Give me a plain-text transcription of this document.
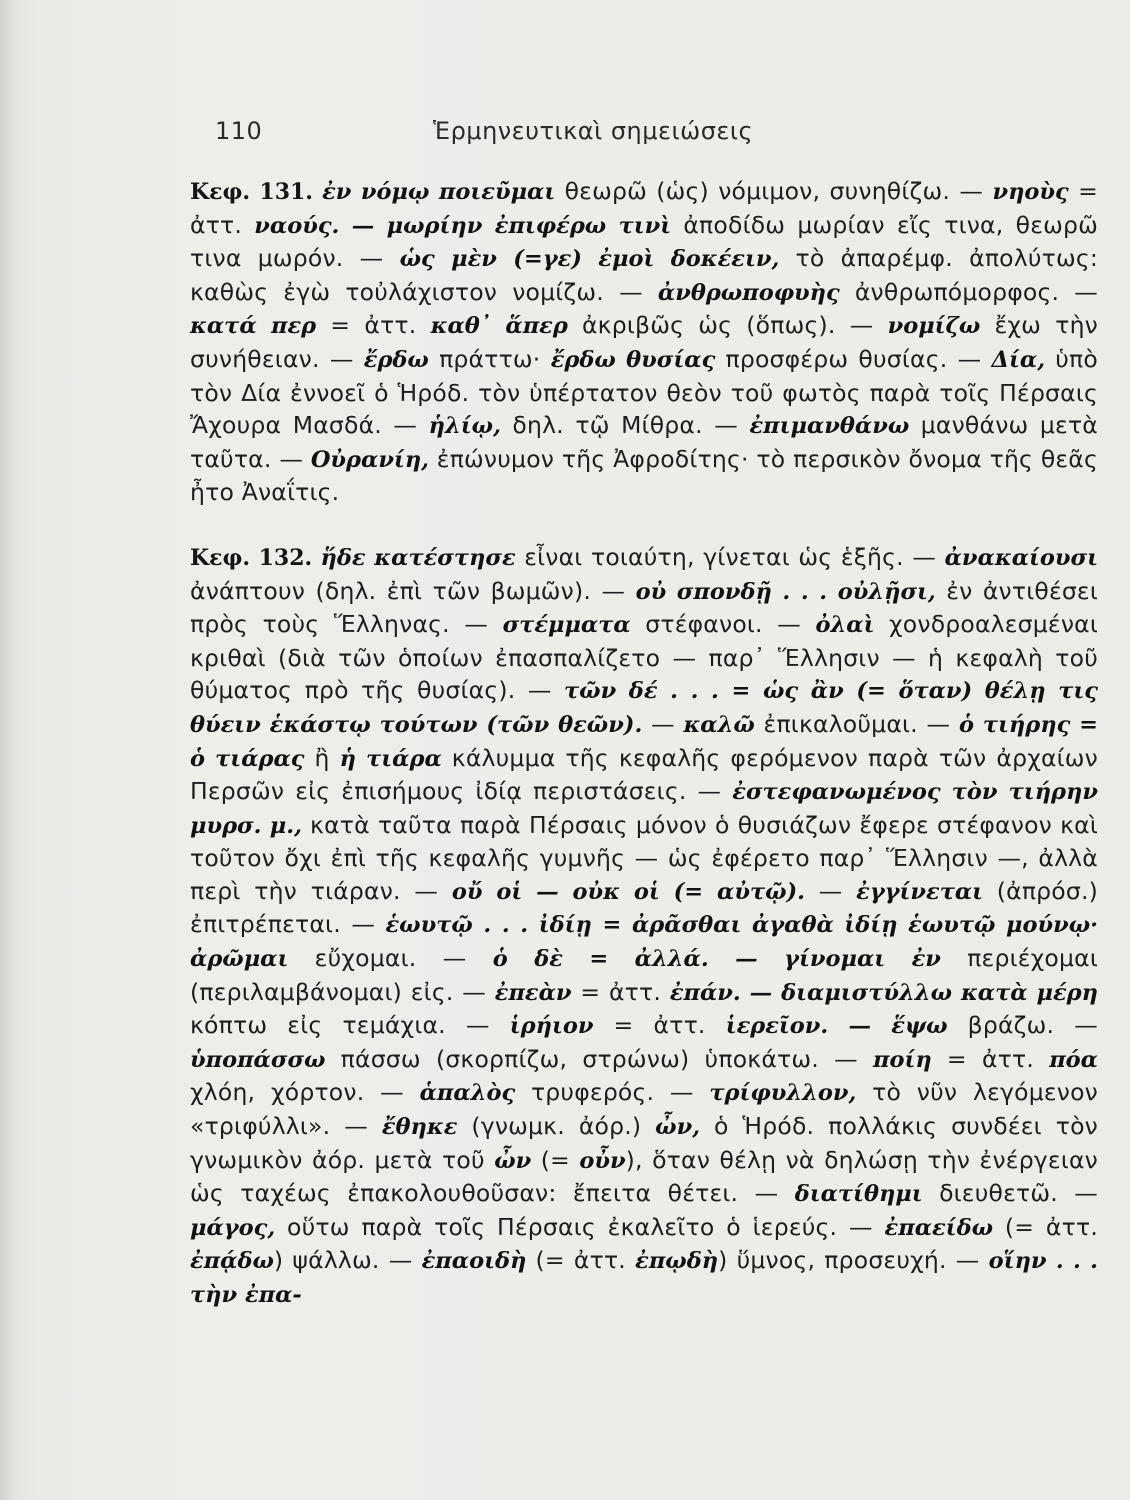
110	Ἑρμηνευτικαὶ σημειώσεις

Κεφ. 131. ἐν νόμῳ ποιεῦμαι θεωρῶ (ὡς) νόμιμον, συνηθίζω. — νηοὺς = ἀττ. ναούς. — μωρίην ἐπιφέρω τινὶ ἀποδίδω μωρίαν εἴς τινα, θεωρῶ τινα μωρόν. — ὡς μὲν (=γε) ἐμοὶ δοκέειν, τὸ ἀπαρέμφ. ἀπολύτως: καθὼς ἐγὼ τοὐλάχιστον νομίζω. — ἀνθρωποφυὴς ἀνθρωπόμορφος. — κατά περ = ἀττ. καθ᾽ ἅπερ ἀκριβῶς ὡς (ὅπως). — νομίζω ἔχω τὴν συνήθειαν. — ἔρδω πράττω· ἔρδω θυσίας προσφέρω θυσίας. — Δία, ὑπὸ τὸν Δία ἐννοεῖ ὁ Ἡρόδ. τὸν ὑπέρτατον θεὸν τοῦ φωτὸς παρὰ τοῖς Πέρσαις Ἄχουρα Μασδά. — ἡλίῳ, δηλ. τῷ Μίθρα. — ἐπιμανθάνω μανθάνω μετὰ ταῦτα. — Οὐρανίη, ἐπώνυμον τῆς Ἀφροδίτης· τὸ περσικὸν ὄνομα τῆς θεᾶς ἦτο Ἀναΐτις.

Κεφ. 132. ἥδε κατέστησε εἶναι τοιαύτη, γίνεται ὡς ἑξῆς. — ἀνακαίουσι ἀνάπτουν (δηλ. ἐπὶ τῶν βωμῶν). — οὐ σπονδῇ . . . οὐλῇσι, ἐν ἀντιθέσει πρὸς τοὺς Ἕλληνας. — στέμματα στέφανοι. — ὀλαὶ χονδροαλεσμέναι κριθαὶ (διὰ τῶν ὁποίων ἐπασπαλίζετο — παρ᾽ Ἕλλησιν — ἡ κεφαλὴ τοῦ θύματος πρὸ τῆς θυσίας). — τῶν δέ . . . = ὡς ἂν (= ὅταν) θέλῃ τις θύειν ἑκάστῳ τούτων (τῶν θεῶν). — καλῶ ἐπικαλοῦμαι. — ὁ τιήρης = ὁ τιάρας ἢ ἡ τιάρα κάλυμμα τῆς κεφαλῆς φερόμενον παρὰ τῶν ἀρχαίων Περσῶν εἰς ἐπισήμους ἰδίᾳ περιστάσεις. — ἐστεφανωμένος τὸν τιήρην μυρσ. μ., κατὰ ταῦτα παρὰ Πέρσαις μόνον ὁ θυσιάζων ἔφερε στέφανον καὶ τοῦτον ὄχι ἐπὶ τῆς κεφαλῆς γυμνῆς — ὡς ἐφέρετο παρ᾽ Ἕλλησιν —, ἀλλὰ περὶ τὴν τιάραν. — οὔ οἱ — οὐκ οἱ (= αὐτῷ). — ἐγγίνεται (ἀπρόσ.) ἐπιτρέπεται. — ἑωυτῷ . . . ἰδίῃ = ἀρᾶσθαι ἀγαθὰ ἰδίῃ ἑωυτῷ μούνῳ· ἀρῶμαι εὔχομαι. — ὁ δὲ = ἀλλά. — γίνομαι ἐν περιέχομαι (περιλαμβάνομαι) εἰς. — ἐπεὰν = ἀττ. ἐπάν. — διαμιστύλλω κατὰ μέρη κόπτω εἰς τεμάχια. — ἱρήιον = ἀττ. ἱερεῖον. — ἕψω βράζω. — ὑποπάσσω πάσσω (σκορπίζω, στρώνω) ὑποκάτω. — ποίη = ἀττ. πόα χλόη, χόρτον. — ἁπαλὸς τρυφερός. — τρίφυλλον, τὸ νῦν λεγόμενον «τριφύλλι». — ἔθηκε (γνωμκ. ἀόρ.) ὦν, ὁ Ἡρόδ. πολλάκις συνδέει τὸν γνωμικὸν ἀόρ. μετὰ τοῦ ὦν (= οὖν), ὅταν θέλῃ νὰ δηλώσῃ τὴν ἐνέργειαν ὡς ταχέως ἐπακολουθοῦσαν: ἔπειτα θέτει. — διατίθημι διευθετῶ. — μάγος, οὕτω παρὰ τοῖς Πέρσαις ἐκαλεῖτο ὁ ἱερεύς. — ἐπαείδω (= ἀττ. ἐπᾴδω) ψάλλω. — ἐπαοιδὴ (= ἀττ. ἐπῳδὴ) ὕμνος, προσευχή. — οἵην . . . τὴν ἐπα-
